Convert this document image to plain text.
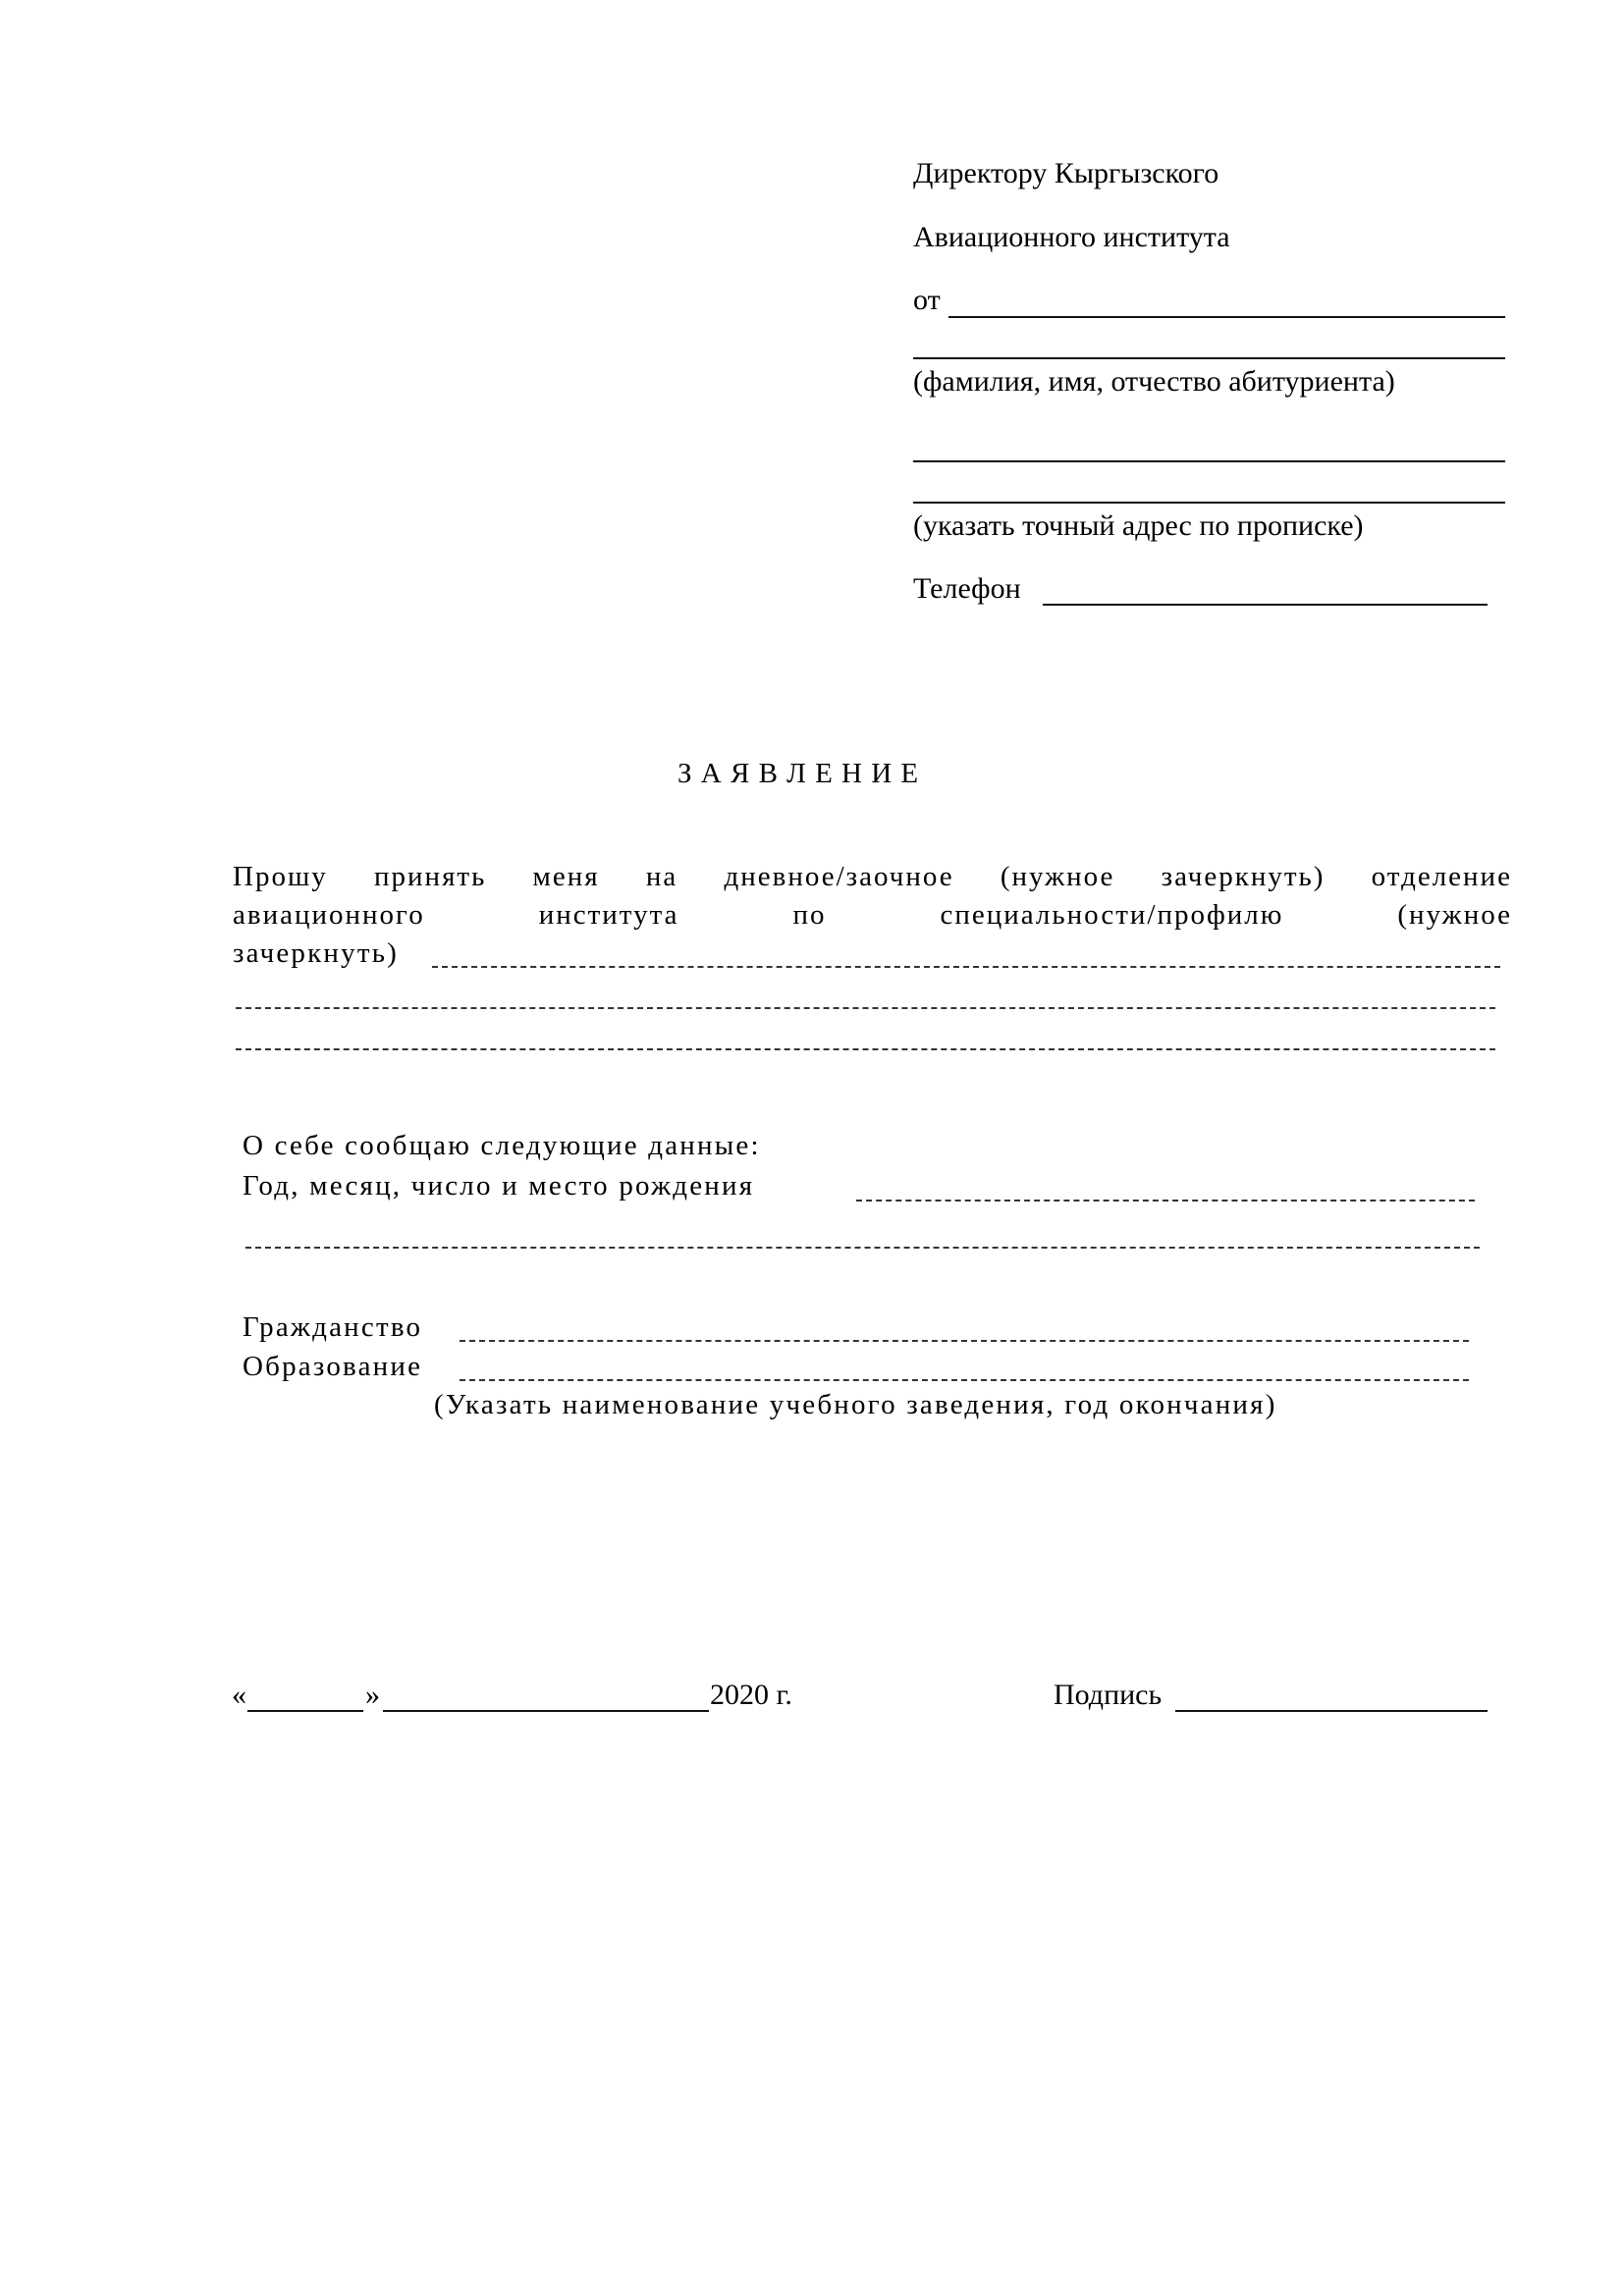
Директору Кыргызского
Авиационного института
от
(фамилия, имя, отчество абитуриента)
(указать точный адрес по прописке)
Телефон
З А Я В Л Е Н И Е
Прошу принять меня на дневное/заочное (нужное зачеркнуть) отделение
авиационного	института	по	специальности/профилю	(нужное
зачеркнуть)
О себе сообщаю следующие данные:
Год, месяц, число и место рождения
Гражданство
Образование
(Указать наименование учебного заведения, год окончания)
«	»	2020 г.	Подпись
